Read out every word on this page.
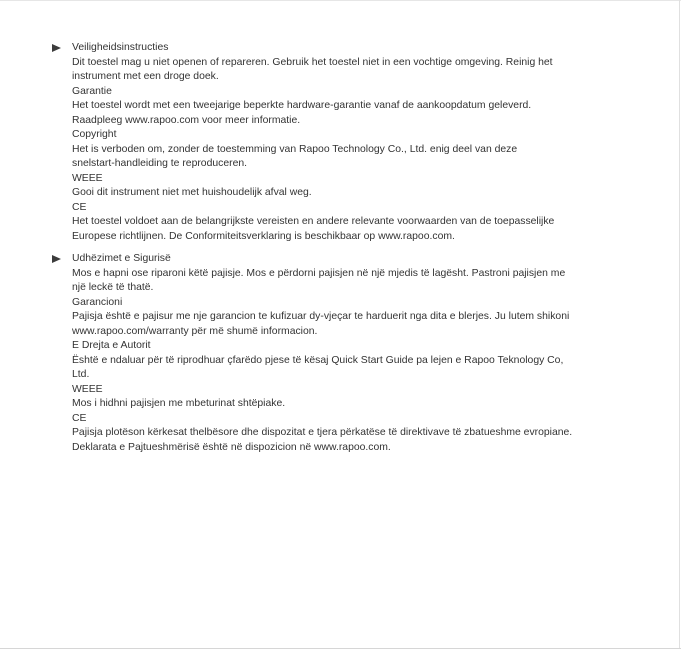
Veiligheidsinstructies

Dit toestel mag u niet openen of repareren. Gebruik het toestel niet in een vochtige omgeving. Reinig het

instrument met een droge doek.

Garantie

Het toestel wordt met een tweejarige beperkte hardware-garantie vanaf de aankoopdatum geleverd.

Raadpleeg www.rapoo.com voor meer informatie.

Copyright

Het is verboden om, zonder de toestemming van Rapoo Technology Co., Ltd. enig deel van deze

snelstart-handleiding te reproduceren.

WEEE

Gooi dit instrument niet met huishoudelijk afval weg.

CE

Het toestel voldoet aan de belangrijkste vereisten en andere relevante voorwaarden van de toepasselijke

Europese richtlijnen. De Conformiteitsverklaring is beschikbaar op www.rapoo.com.

Udhëzimet e Sigurisë

Mos e hapni ose riparoni këtë pajisje. Mos e përdorni pajisjen në një mjedis të lagësht. Pastroni pajisjen me

një leckë të thatë.

Garancioni

Pajisja është e pajisur me nje garancion te kufizuar dy-vjeçar te harduerit nga dita e blerjes. Ju lutem shikoni

www.rapoo.com/warranty për më shumë informacion.

E Drejta e Autorit

Është e ndaluar për të riprodhuar çfarëdo pjese të kësaj Quick Start Guide pa lejen e Rapoo Teknology Co,

Ltd.

WEEE

Mos i hidhni pajisjen me mbeturinat shtëpiake.

CE

Pajisja plotëson kërkesat thelbësore dhe dispozitat e tjera përkatëse të direktivave të zbatueshme evropiane.

Deklarata e Pajtueshmërisë është në dispozicion në www.rapoo.com.
